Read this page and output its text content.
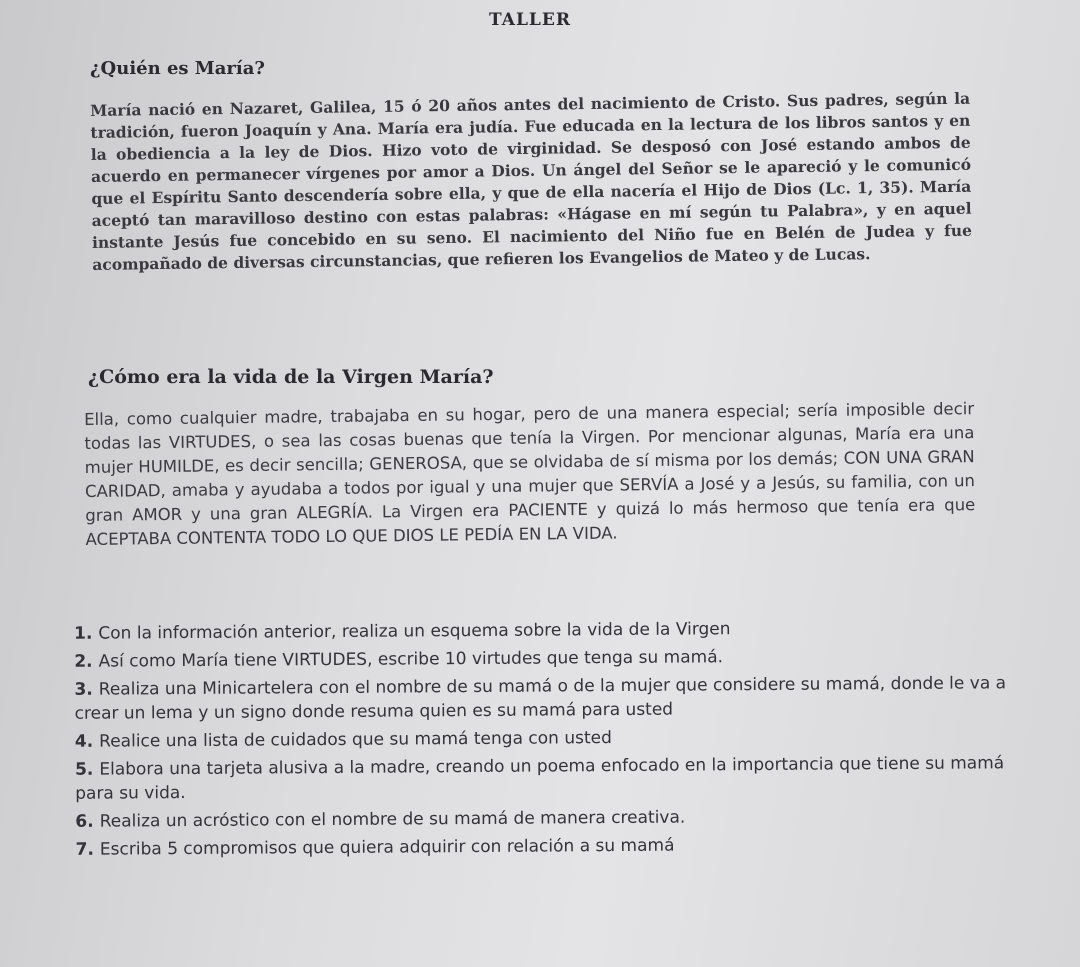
TALLER
¿Quién es María?
María nació en Nazaret, Galilea, 15 ó 20 años antes del nacimiento de Cristo. Sus padres, según la tradición, fueron Joaquín y Ana. María era judía. Fue educada en la lectura de los libros santos y en la obediencia a la ley de Dios. Hizo voto de virginidad. Se desposó con José estando ambos de acuerdo en permanecer vírgenes por amor a Dios. Un ángel del Señor se le apareció y le comunicó que el Espíritu Santo descendería sobre ella, y que de ella nacería el Hijo de Dios (Lc. 1, 35). María aceptó tan maravilloso destino con estas palabras: «Hágase en mí según tu Palabra», y en aquel instante Jesús fue concebido en su seno. El nacimiento del Niño fue en Belén de Judea y fue acompañado de diversas circunstancias, que refieren los Evangelios de Mateo y de Lucas.
¿Cómo era la vida de la Virgen María?
Ella, como cualquier madre, trabajaba en su hogar, pero de una manera especial; sería imposible decir todas las VIRTUDES, o sea las cosas buenas que tenía la Virgen. Por mencionar algunas, María era una mujer HUMILDE, es decir sencilla; GENEROSA, que se olvidaba de sí misma por los demás; CON UNA GRAN CARIDAD, amaba y ayudaba a todos por igual y una mujer que SERVÍA a José y a Jesús, su familia, con un gran AMOR y una gran ALEGRÍA. La Virgen era PACIENTE y quizá lo más hermoso que tenía era que ACEPTABA CONTENTA TODO LO QUE DIOS LE PEDÍA EN LA VIDA.
1. Con la información anterior, realiza un esquema sobre la vida de la Virgen
2. Así como María tiene VIRTUDES, escribe 10 virtudes que tenga su mamá.
3. Realiza una Minicartelera con el nombre de su mamá o de la mujer que considere su mamá, donde le va a crear un lema y un signo donde resuma quien es su mamá para usted
4. Realice una lista de cuidados que su mamá tenga con usted
5. Elabora una tarjeta alusiva a la madre, creando un poema enfocado en la importancia que tiene su mamá para su vida.
6. Realiza un acróstico con el nombre de su mamá de manera creativa.
7. Escriba 5 compromisos que quiera adquirir con relación a su mamá
